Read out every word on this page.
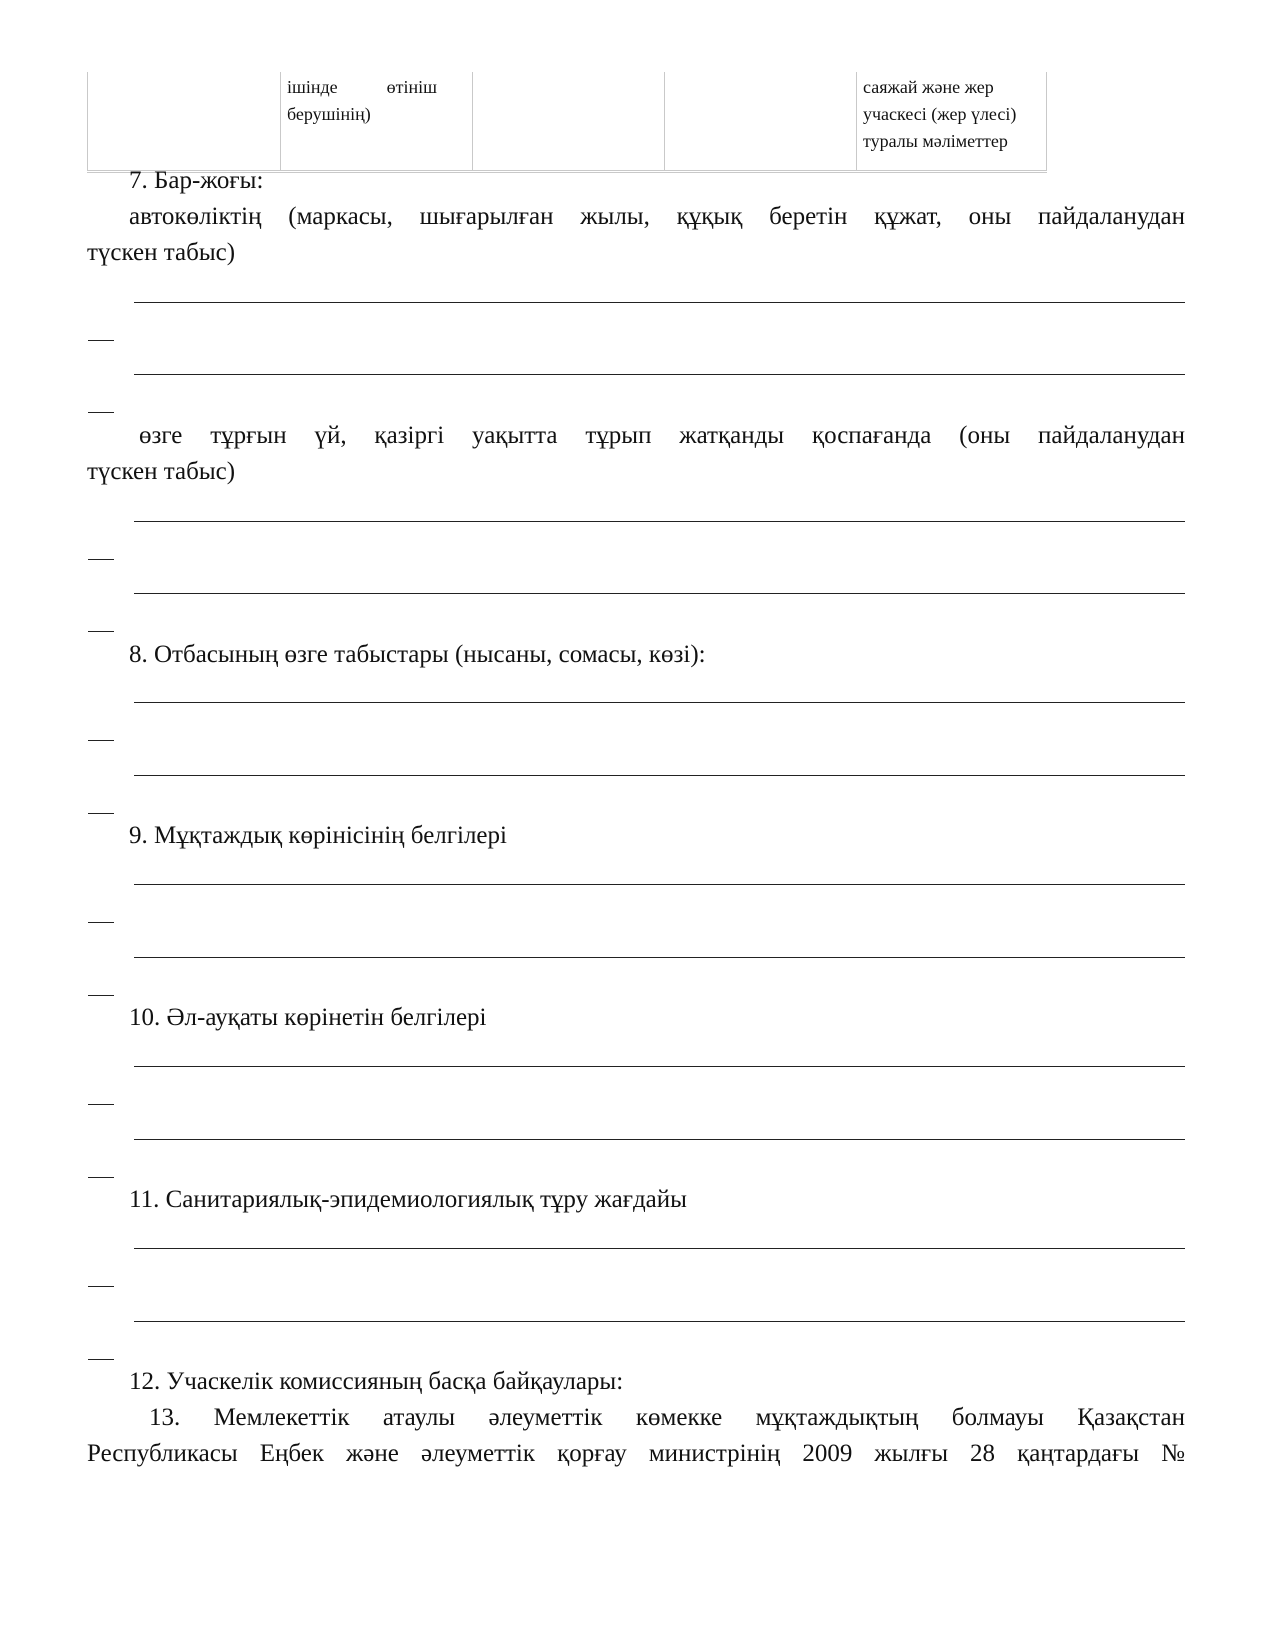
ішінде	өтініш
берушінің)
саяжай және жер
учаскесі (жер үлесі)
туралы мәліметтер
7. Бар-жоғы:
автокөліктің (маркасы, шығарылған жылы, құқық беретін құжат, оны пайдаланудан
түскен табыс)
өзге тұрғын үй, қазіргі уақытта тұрып жатқанды қоспағанда (оны пайдаланудан
түскен табыс)
8. Отбасының өзге табыстары (нысаны, сомасы, көзі):
9. Мұқтаждық көрінісінің белгілері
10. Әл-ауқаты көрінетін белгілері
11. Санитариялық-эпидемиологиялық тұру жағдайы
12. Учаскелік комиссияның басқа байқаулары:
13. Мемлекеттік атаулы әлеуметтік көмекке мұқтаждықтың болмауы Қазақстан
Республикасы Еңбек және әлеуметтік қорғау министрінің 2009 жылғы 28 қаңтардағы №
